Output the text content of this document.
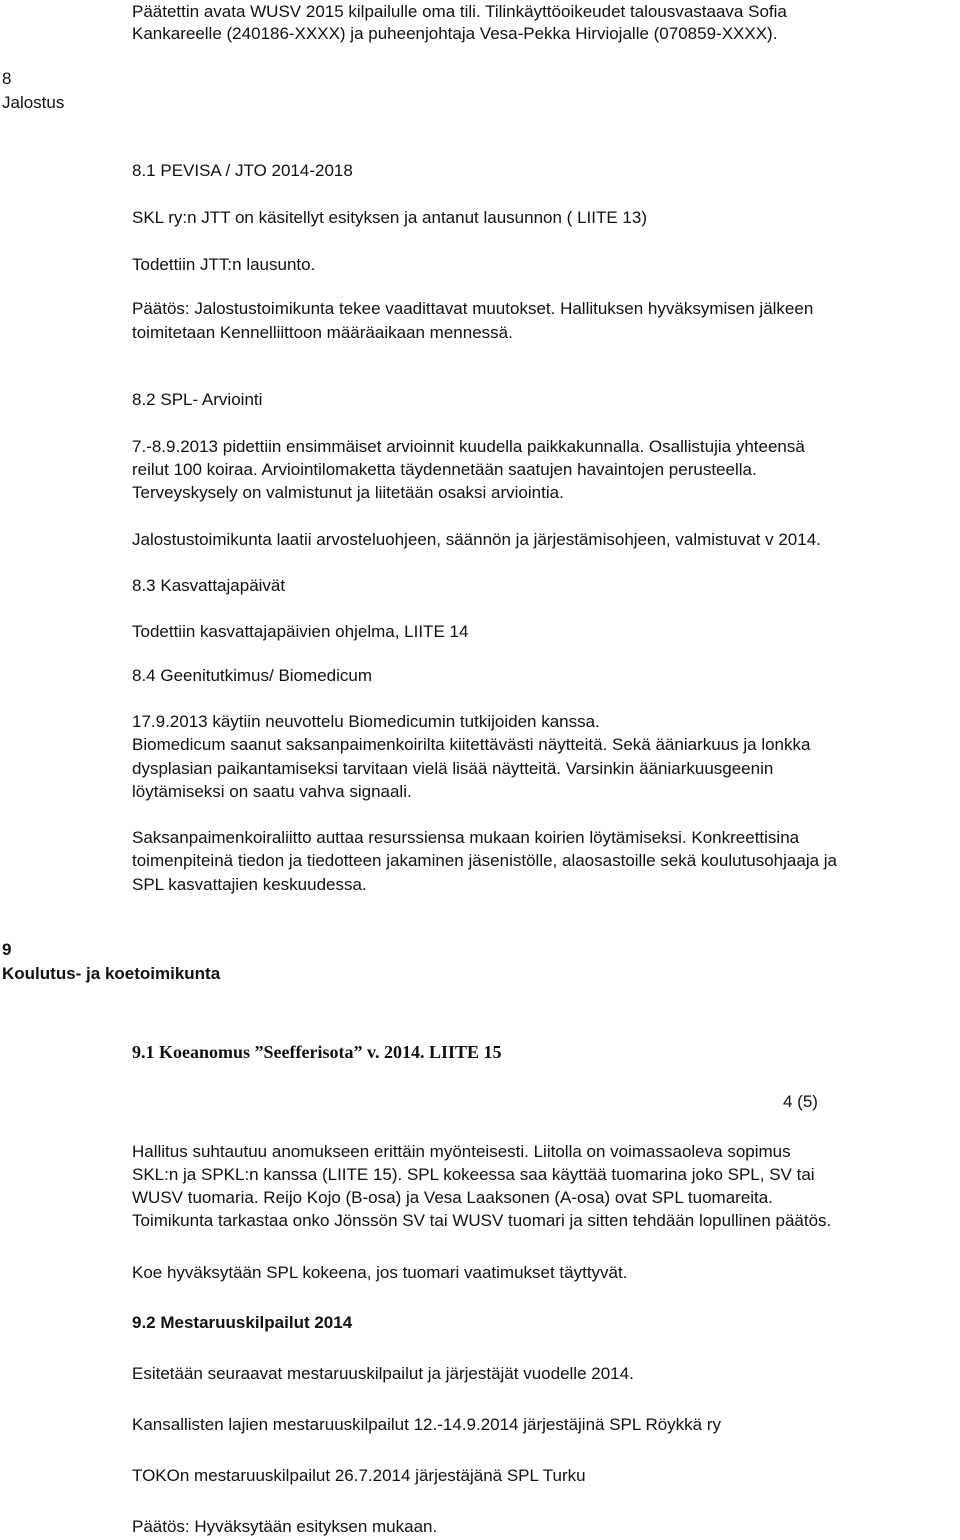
Päätettin avata WUSV 2015 kilpailulle oma tili. Tilinkäyttöoikeudet talousvastaava Sofia
Kankareelle (240186-XXXX) ja puheenjohtaja Vesa-Pekka Hirviojalle (070859-XXXX).
8
Jalostus
8.1 PEVISA / JTO 2014-2018
SKL ry:n JTT on käsitellyt esityksen ja antanut lausunnon ( LIITE 13)
Todettiin JTT:n lausunto.
Päätös: Jalostustoimikunta tekee vaadittavat muutokset. Hallituksen hyväksymisen jälkeen
toimitetaan Kennelliittoon määräaikaan mennessä.
8.2 SPL- Arviointi
7.-8.9.2013 pidettiin ensimmäiset arvioinnit kuudella paikkakunnalla. Osallistujia yhteensä
reilut 100 koiraa. Arviointilomaketta täydennetään saatujen havaintojen perusteella.
Terveyskysely on valmistunut ja liitetään osaksi arviointia.
Jalostustoimikunta laatii arvosteluohjeen, säännön ja järjestämisohjeen, valmistuvat v 2014.
8.3 Kasvattajapäivät
Todettiin kasvattajapäivien ohjelma, LIITE 14
8.4 Geenitutkimus/ Biomedicum
17.9.2013 käytiin neuvottelu Biomedicumin tutkijoiden kanssa.
Biomedicum saanut saksanpaimenkoirilta kiitettävästi näytteitä. Sekä ääniarkuus ja lonkka
dysplasian paikantamiseksi tarvitaan vielä lisää näytteitä. Varsinkin ääniarkuusgeenin
löytämiseksi on saatu vahva signaali.
Saksanpaimenkoiraliitto auttaa resurssiensa mukaan koirien löytämiseksi. Konkreettisina
toimenpiteinä tiedon ja tiedotteen jakaminen jäsenistölle, alaosastoille sekä koulutusohjaaja ja
SPL kasvattajien keskuudessa.
9
Koulutus- ja koetoimikunta
9.1 Koeanomus ”Seefferisota” v. 2014. LIITE 15
4 (5)
Hallitus suhtautuu anomukseen erittäin myönteisesti. Liitolla on voimassaoleva sopimus
SKL:n ja SPKL:n kanssa (LIITE 15). SPL kokeessa saa käyttää tuomarina joko SPL, SV tai
WUSV tuomaria. Reijo Kojo (B-osa) ja Vesa Laaksonen (A-osa) ovat SPL tuomareita.
Toimikunta tarkastaa onko Jönssön SV tai WUSV tuomari ja sitten tehdään lopullinen päätös.
Koe hyväksytään SPL kokeena, jos tuomari vaatimukset täyttyvät.
9.2 Mestaruuskilpailut 2014
Esitetään seuraavat mestaruuskilpailut ja järjestäjät vuodelle 2014.
Kansallisten lajien mestaruuskilpailut 12.-14.9.2014 järjestäjinä SPL Röykkä ry
TOKOn mestaruuskilpailut 26.7.2014 järjestäjänä SPL Turku
Päätös: Hyväksytään esityksen mukaan.
